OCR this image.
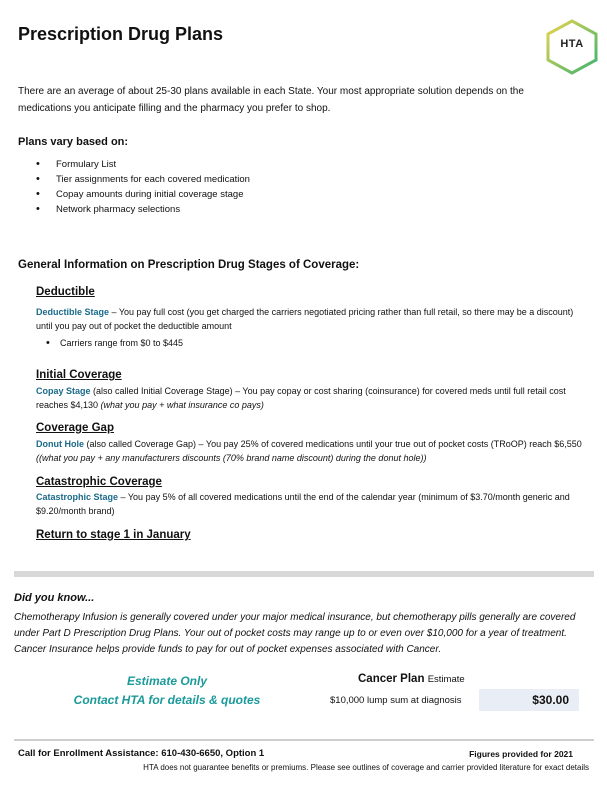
Prescription Drug Plans	HTA
There are an average of about 25-30 plans available in each State. Your most appropriate solution depends on the medications you anticipate filling and the pharmacy you prefer to shop.
Plans vary based on:
• Formulary List
• Tier assignments for each covered medication
• Copay amounts during initial coverage stage
• Network pharmacy selections
General Information on Prescription Drug Stages of Coverage:
Deductible
Deductible Stage – You pay full cost (you get charged the carriers negotiated pricing rather than full retail, so there may be a discount) until you pay out of pocket the deductible amount
• Carriers range from $0 to $445
Initial Coverage
Copay Stage (also called Initial Coverage Stage) – You pay copay or cost sharing (coinsurance) for covered meds until full retail cost reaches $4,130 (what you pay + what insurance co pays)
Coverage Gap
Donut Hole (also called Coverage Gap) – You pay 25% of covered medications until your true out of pocket costs (TRoOP) reach $6,550 ((what you pay + any manufacturers discounts (70% brand name discount) during the donut hole))
Catastrophic Coverage
Catastrophic Stage – You pay 5% of all covered medications until the end of the calendar year (minimum of $3.70/month generic and $9.20/month brand)
Return to stage 1 in January
Did you know...
Chemotherapy Infusion is generally covered under your major medical insurance, but chemotherapy pills generally are covered under Part D Prescription Drug Plans. Your out of pocket costs may range up to or even over $10,000 for a year of treatment. Cancer Insurance helps provide funds to pay for out of pocket expenses associated with Cancer.
Estimate Only
Contact HTA for details & quotes
Cancer Plan Estimate
$10,000 lump sum at diagnosis	$30.00
Call for Enrollment Assistance: 610-430-6650, Option 1	Figures provided for 2021
HTA does not guarantee benefits or premiums. Please see outlines of coverage and carrier provided literature for exact details
